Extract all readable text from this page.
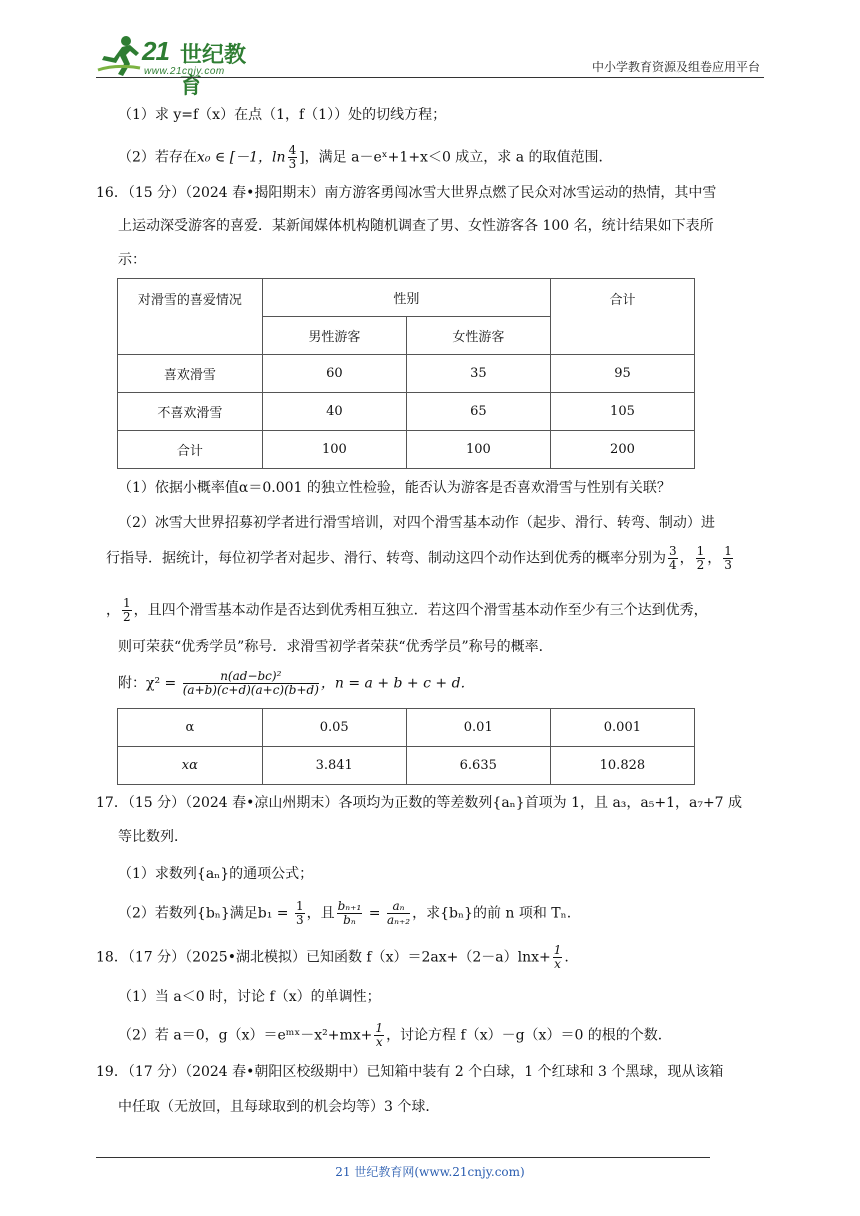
21 世纪教育
www.21cnjy.com	中小学教育资源及组卷应用平台
（1）求 y=f（x）在点（1，f（1））处的切线方程；
（2）若存在x₀ ∈ [－1，$\ln \frac{4}{3}$ ]，满足 a－eˣ+1+x＜0 成立，求 a 的取值范围．
16．（15 分）（2024 春•揭阳期末）南方游客勇闯冰雪大世界点燃了民众对冰雪运动的热情，其中雪
上运动深受游客的喜爱．某新闻媒体机构随机调查了男、女性游客各 100 名，统计结果如下表所
示：
对滑雪的喜爱情况	性别		合计
	男性游客	女性游客	
喜欢滑雪	60	35	95
不喜欢滑雪	40	65	105
合计	100	100	200
（1）依据小概率值α＝0.001 的独立性检验，能否认为游客是否喜欢滑雪与性别有关联？
（2）冰雪大世界招募初学者进行滑雪培训，对四个滑雪基本动作（起步、滑行、转弯、制动）进
行指导．据统计，每位初学者对起步、滑行、转弯、制动这四个动作达到优秀的概率分别为 $\frac{3}{4}$ ， $\frac{1}{2}$ ， $\frac{1}{3}$
， $\frac{1}{2}$ ，且四个滑雪基本动作是否达到优秀相互独立．若这四个滑雪基本动作至少有三个达到优秀，
则可荣获“优秀学员”称号．求滑雪初学者荣获“优秀学员”称号的概率．
附：$\chi^2 = \frac{\text{n(ad−bc)²}}{(a+b)(c+d)(a+c)(b+d)}$ ，n = a + b + c + d．
α	0.05	0.01	0.001
xα	3.841	6.635	10.828
17．（15 分）（2024 春•凉山州期末）各项均为正数的等差数列{aₙ}首项为 1，且 a₃，a₅+1，a₇+7 成
等比数列．
（1）求数列{aₙ}的通项公式；
（2）若数列{bₙ}满足$b_1 = \frac{1}{3}$ ，且 $\frac{\text{bₙ₊₁}}{\text{bₙ}} = \frac{\text{aₙ}}{\text{aₙ₊₂}}$ ，求{bₙ}的前 n 项和 Tₙ.
18．（17 分）（2025•湖北模拟）已知函数 $f(x)=2ax+(2-a)\ln x+ \frac{1}{x}$ .
（1）当 a＜0 时，讨论 f（x）的单调性；
（2）若 a＝0，g（x）＝eᵐˣ－x²+mx+ $\frac{1}{x}$ ，讨论方程 f（x）－g（x）＝0 的根的个数．
19．（17 分）（2024 春•朝阳区校级期中）已知箱中装有 2 个白球，1 个红球和 3 个黑球，现从该箱
中任取（无放回，且每球取到的机会均等）3 个球．
21 世纪教育网(www.21cnjy.com)
